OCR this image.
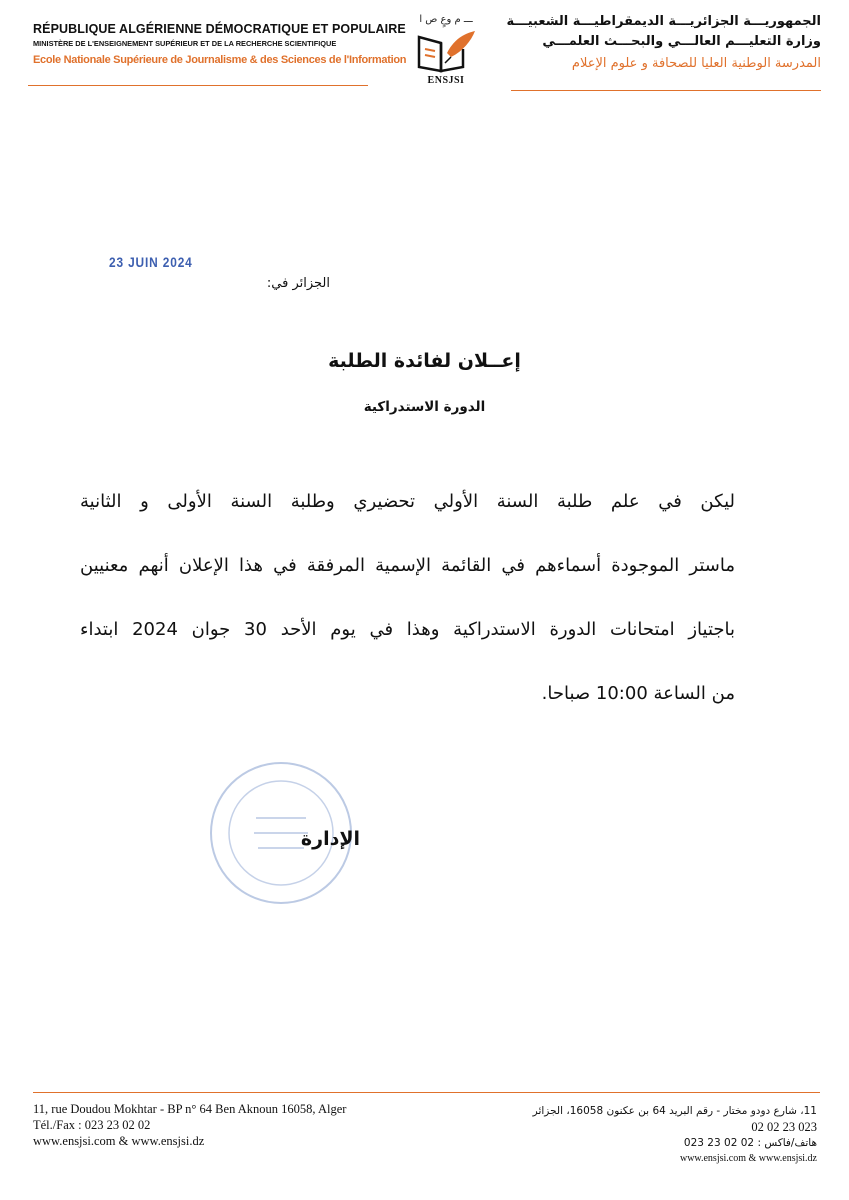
RÉPUBLIQUE ALGÉRIENNE DÉMOCRATIQUE ET POPULAIRE
MINISTÈRE DE L'ENSEIGNEMENT SUPÉRIEUR ET DE LA RECHERCHE SCIENTIFIQUE
Ecole Nationale Supérieure de Journalisme & des Sciences de l'Information
ـــ م وعٍ ص ا
ENSJSI
الجمهوريـــة الجزائريـــة الديمقراطيـــة الشعبيـــة
وزارة التعليـــم العالـــي والبحـــث العلمـــي
المدرسة الوطنية العليا للصحافة و علوم الإعلام
23 JUIN 2024
الجزائر في:
إعــلان لفائدة الطلبة
الدورة الاستدراكية
ليكن في علم طلبة السنة الأولي تحضيري وطلبة السنة الأولى و الثانية
ماستر الموجودة أسماءهم في القائمة الإسمية المرفقة في هذا الإعلان أنهم معنيين
باجتياز امتحانات الدورة الاستدراكية وهذا في يوم الأحد 30 جوان 2024 ابتداء
من الساعة 10:00 صباحا.
الإدارة
11, rue Doudou Mokhtar - BP n° 64 Ben Aknoun 16058, Alger
Tél./Fax : 023 23 02 02
www.ensjsi.com & www.ensjsi.dz
11، شارع دودو مختار - رقم البريد 64 بن عكنون 16058، الجزائر
023 23 02 02
هاتف/فاكس : 02 02 23 023
www.ensjsi.com & www.ensjsi.dz
